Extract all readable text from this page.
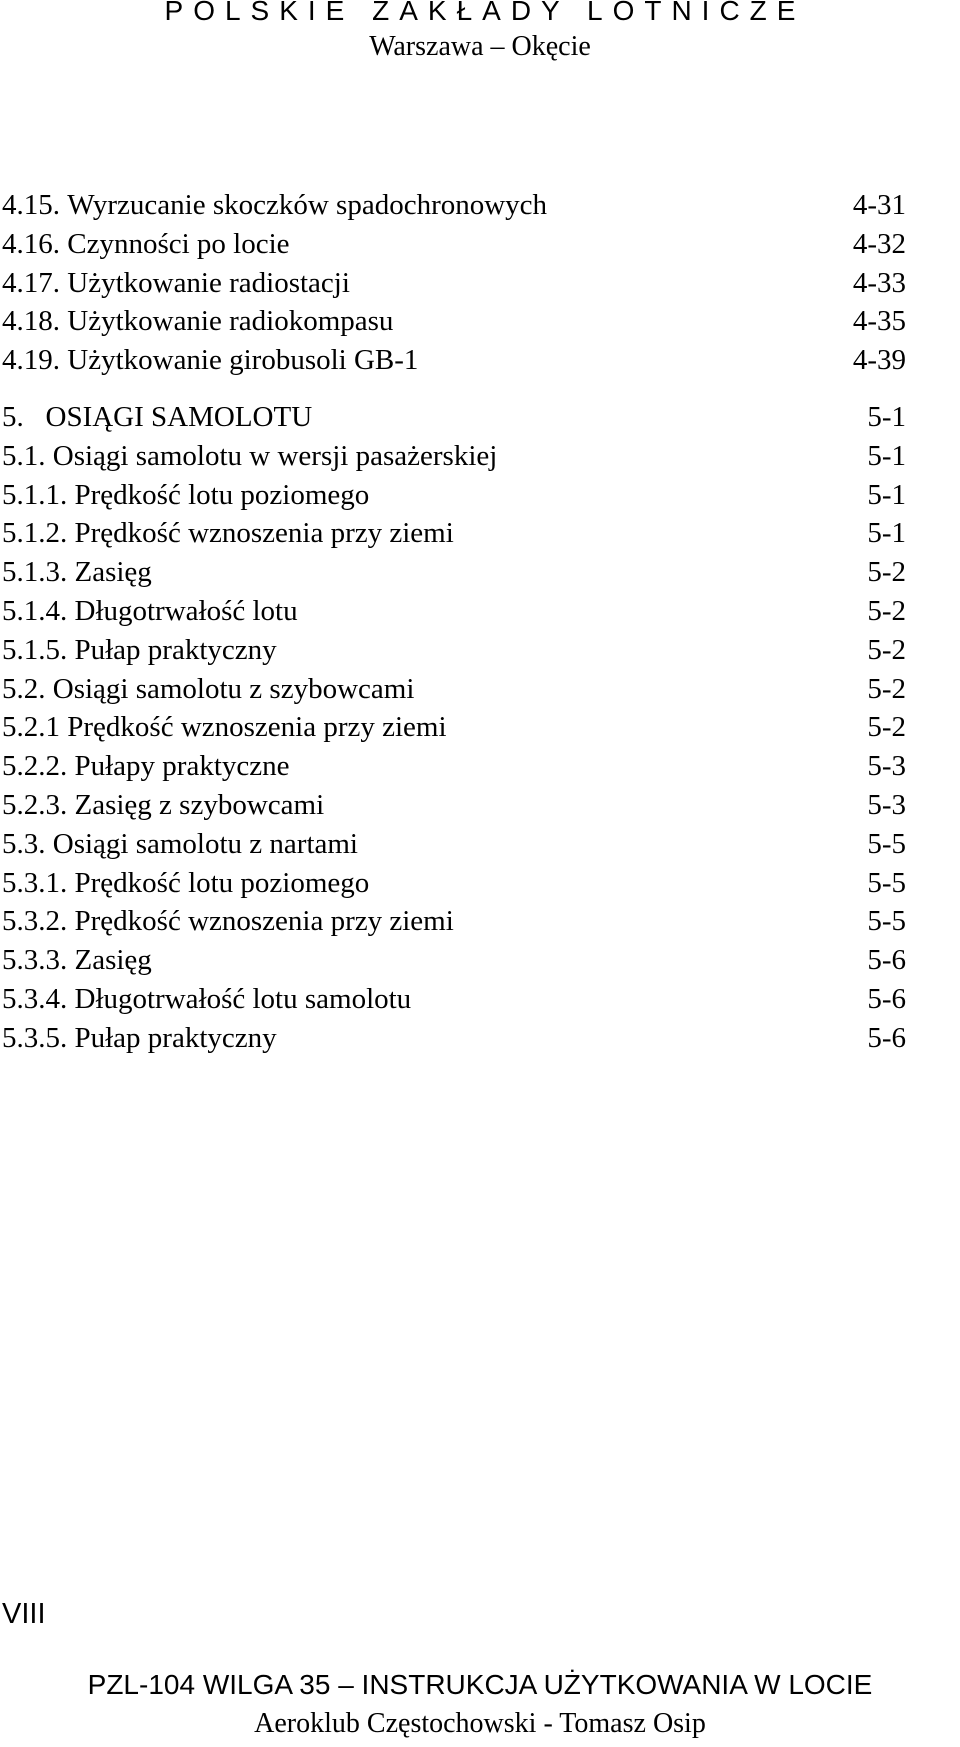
POLSKIE ZAKŁADY LOTNICZE
Warszawa – Okęcie
4.15. Wyrzucanie skoczków spadochronowych	4-31
4.16. Czynności po locie	4-32
4.17. Użytkowanie radiostacji	4-33
4.18. Użytkowanie radiokompasu	4-35
4.19. Użytkowanie girobusoli GB-1	4-39
5. OSIĄGI SAMOLOTU	5-1
5.1. Osiągi samolotu w wersji pasażerskiej	5-1
5.1.1. Prędkość lotu poziomego	5-1
5.1.2. Prędkość wznoszenia przy ziemi	5-1
5.1.3. Zasięg	5-2
5.1.4. Długotrwałość lotu	5-2
5.1.5. Pułap praktyczny	5-2
5.2. Osiągi samolotu z szybowcami	5-2
5.2.1 Prędkość wznoszenia przy ziemi	5-2
5.2.2. Pułapy praktyczne	5-3
5.2.3. Zasięg z szybowcami	5-3
5.3. Osiągi samolotu z nartami	5-5
5.3.1. Prędkość lotu poziomego	5-5
5.3.2. Prędkość wznoszenia przy ziemi	5-5
5.3.3. Zasięg	5-6
5.3.4. Długotrwałość lotu samolotu	5-6
5.3.5. Pułap praktyczny	5-6
VIII
PZL-104 WILGA 35 – INSTRUKCJA UŻYTKOWANIA W LOCIE
Aeroklub Częstochowski - Tomasz Osip
